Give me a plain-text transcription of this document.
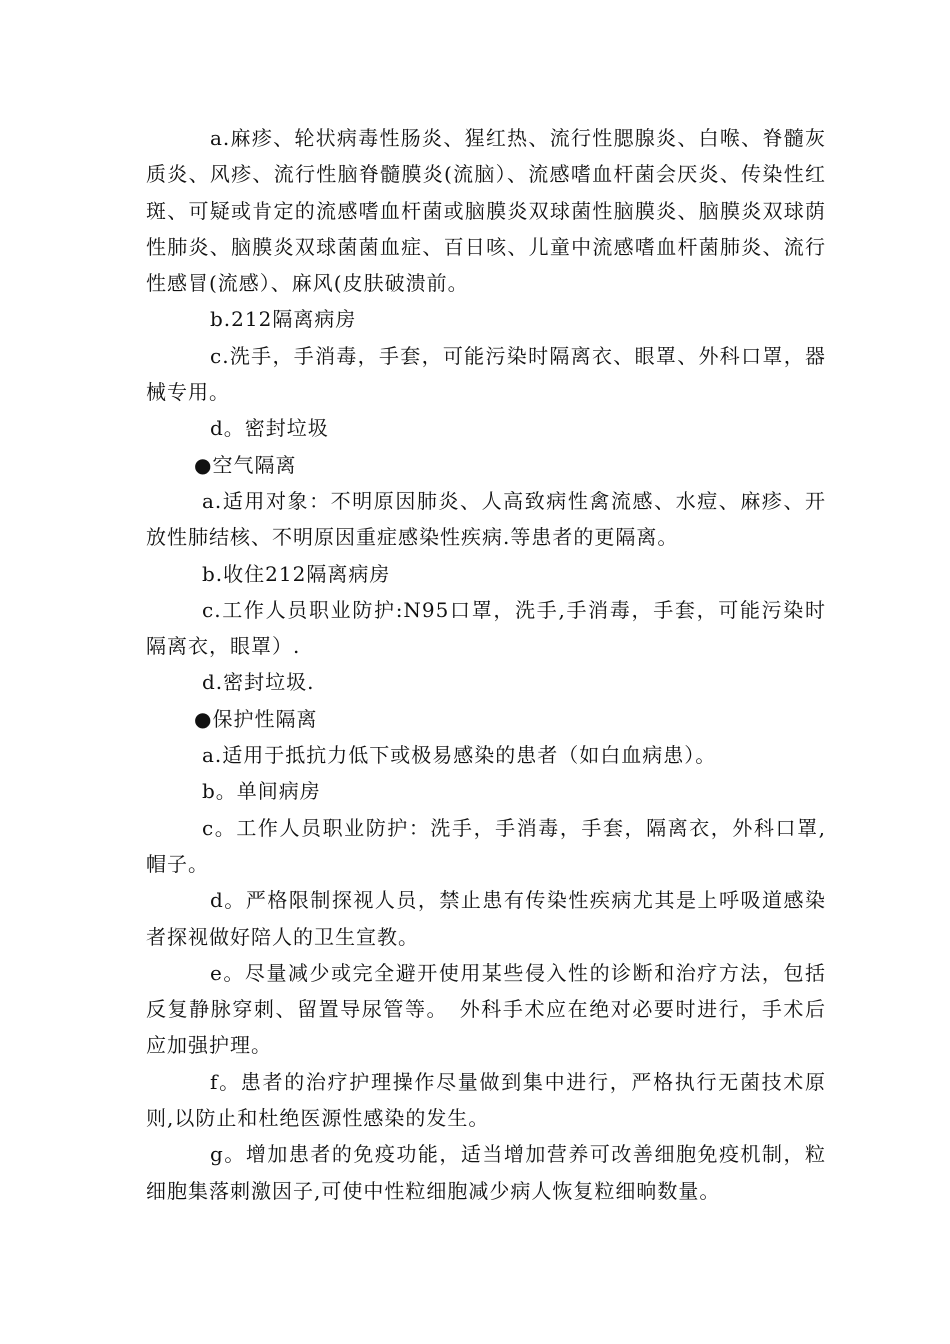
a.麻疹、轮状病毒性肠炎、猩红热、流行性腮腺炎、白喉、脊髓灰质炎、风疹、流行性脑脊髓膜炎(流脑）、流感嗜血杆菌会厌炎、传染性红斑、可疑或肯定的流感嗜血杆菌或脑膜炎双球菌性脑膜炎、脑膜炎双球荫性肺炎、脑膜炎双球菌菌血症、百日咳、儿童中流感嗜血杆菌肺炎、流行性感冒(流感）、麻风(皮肤破溃前。

b.212隔离病房

c.洗手，手消毒，手套，可能污染时隔离衣、眼罩、外科口罩，器械专用。

d。密封垃圾

●空气隔离

a.适用对象：不明原因肺炎、人高致病性禽流感、水痘、麻疹、开放性肺结核、不明原因重症感染性疾病.等患者的更隔离。

b.收住212隔离病房

c.工作人员职业防护:N95口罩，洗手,手消毒，手套，可能污染时隔离衣，眼罩）.

d.密封垃圾.

●保护性隔离

a.适用于抵抗力低下或极易感染的患者（如白血病患）。

b。单间病房

c。工作人员职业防护：洗手，手消毒，手套，隔离衣，外科口罩,帽子。

d。严格限制探视人员，禁止患有传染性疾病尤其是上呼吸道感染者探视做好陪人的卫生宣教。

e。尽量减少或完全避开使用某些侵入性的诊断和治疗方法，包括反复静脉穿刺、留置导尿管等。　外科手术应在绝对必要时进行，手术后应加强护理。

f。患者的治疗护理操作尽量做到集中进行，严格执行无菌技术原则,以防止和杜绝医源性感染的发生。

g。增加患者的免疫功能，适当增加营养可改善细胞免疫机制，粒细胞集落刺激因子,可使中性粒细胞减少病人恢复粒细晌数量。
